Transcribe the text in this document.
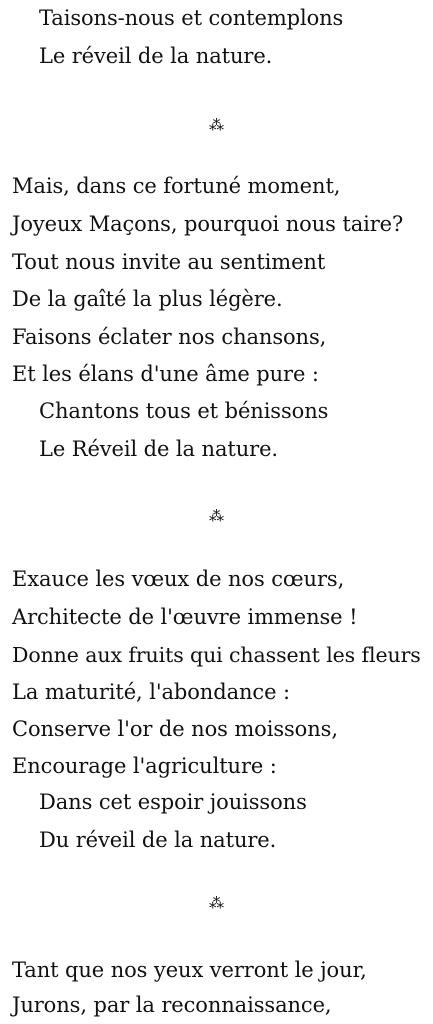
Taisons-nous et contemplons
Le réveil de la nature.
⁂
Mais, dans ce fortuné moment,
Joyeux Maçons, pourquoi nous taire?
Tout nous invite au sentiment
De la gaîté la plus légère.
Faisons éclater nos chansons,
Et les élans d'une âme pure :
Chantons tous et bénissons
Le Réveil de la nature.
⁂
Exauce les vœux de nos cœurs,
Architecte de l'œuvre immense !
Donne aux fruits qui chassent les fleurs
La maturité, l'abondance :
Conserve l'or de nos moissons,
Encourage l'agriculture :
Dans cet espoir jouissons
Du réveil de la nature.
⁂
Tant que nos yeux verront le jour,
Jurons, par la reconnaissance,
